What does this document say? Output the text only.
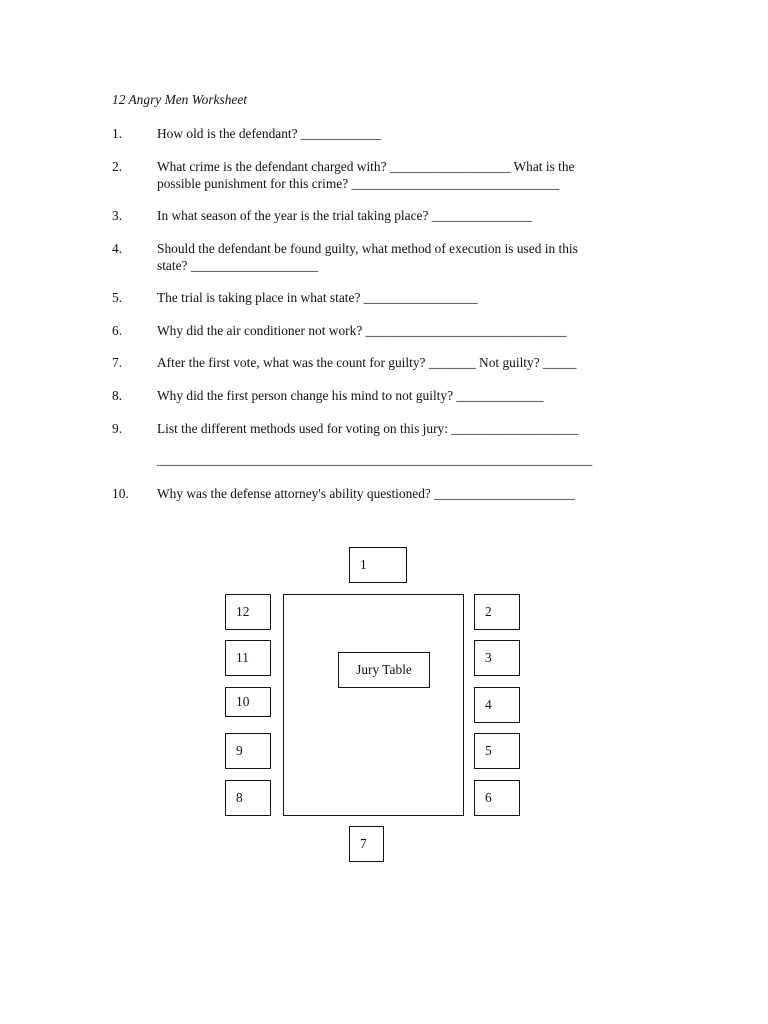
12 Angry Men Worksheet
1.	How old is the defendant? ____________
2.	What crime is the defendant charged with? __________________ What is the
possible punishment for this crime? _______________________________
3.	In what season of the year is the trial taking place? _______________
4.	Should the defendant be found guilty, what method of execution is used in this
state? ___________________
5.	The trial is taking place in what state? _________________
6.	Why did the air conditioner not work? ______________________________
7.	After the first vote, what was the count for guilty? _______ Not guilty? _____
8.	Why did the first person change his mind to not guilty? _____________
9.	List the different methods used for voting on this jury: ___________________
_________________________________________________________________
10. Why was the defense attorney's ability questioned? _____________________
Jury Table
1
2
3
4
5
6
7
8
9
10
11
12
